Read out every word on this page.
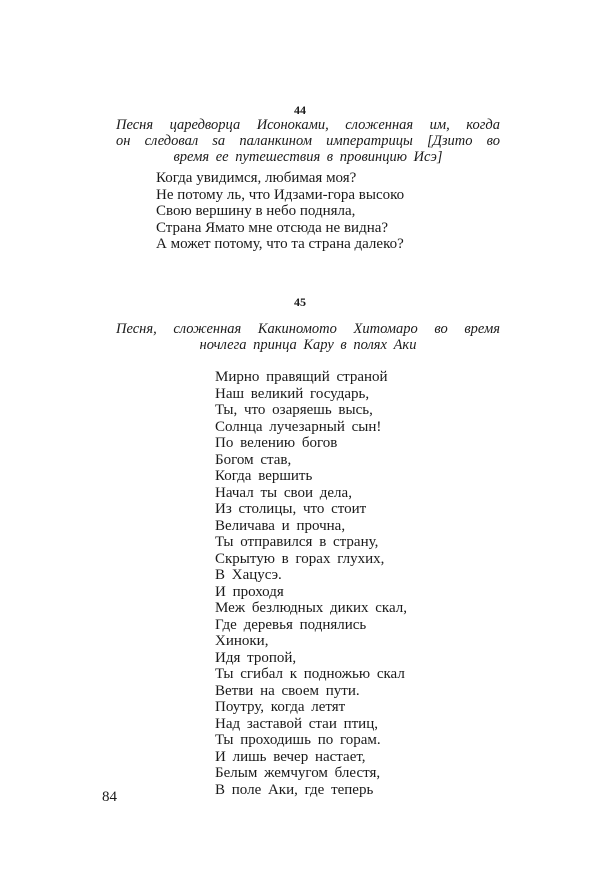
44
Песня царедворца Исоноками, сложенная им, когда
он следовал sa паланкином императрицы [Дзито во
время ее путешествия в провинцию Исэ]
Когда увидимся, любимая моя?
Не потому ль, что Идзами-гора высоко
Свою вершину в небо подняла,
Страна Ямато мне отсюда не видна?
А может потому, что та страна далеко?
45
Песня, сложенная Какиномото Хитомаро во время
ночлега принца Кару в полях Аки
Мирно правящий страной
Наш великий государь,
Ты, что озаряешь высь,
Солнца лучезарный сын!
По велению богов
Богом став,
Когда вершить
Начал ты свои дела,
Из столицы, что стоит
Величава и прочна,
Ты отправился в страну,
Скрытую в горах глухих,
В Хацусэ.
И проходя
Меж безлюдных диких скал,
Где деревья поднялись
Хиноки,
Идя тропой,
Ты сгибал к подножью скал
Ветви на своем пути.
Поутру, когда летят
Над заставой стаи птиц,
Ты проходишь по горам.
И лишь вечер настает,
Белым жемчугом блестя,
В поле Аки, где теперь
84
